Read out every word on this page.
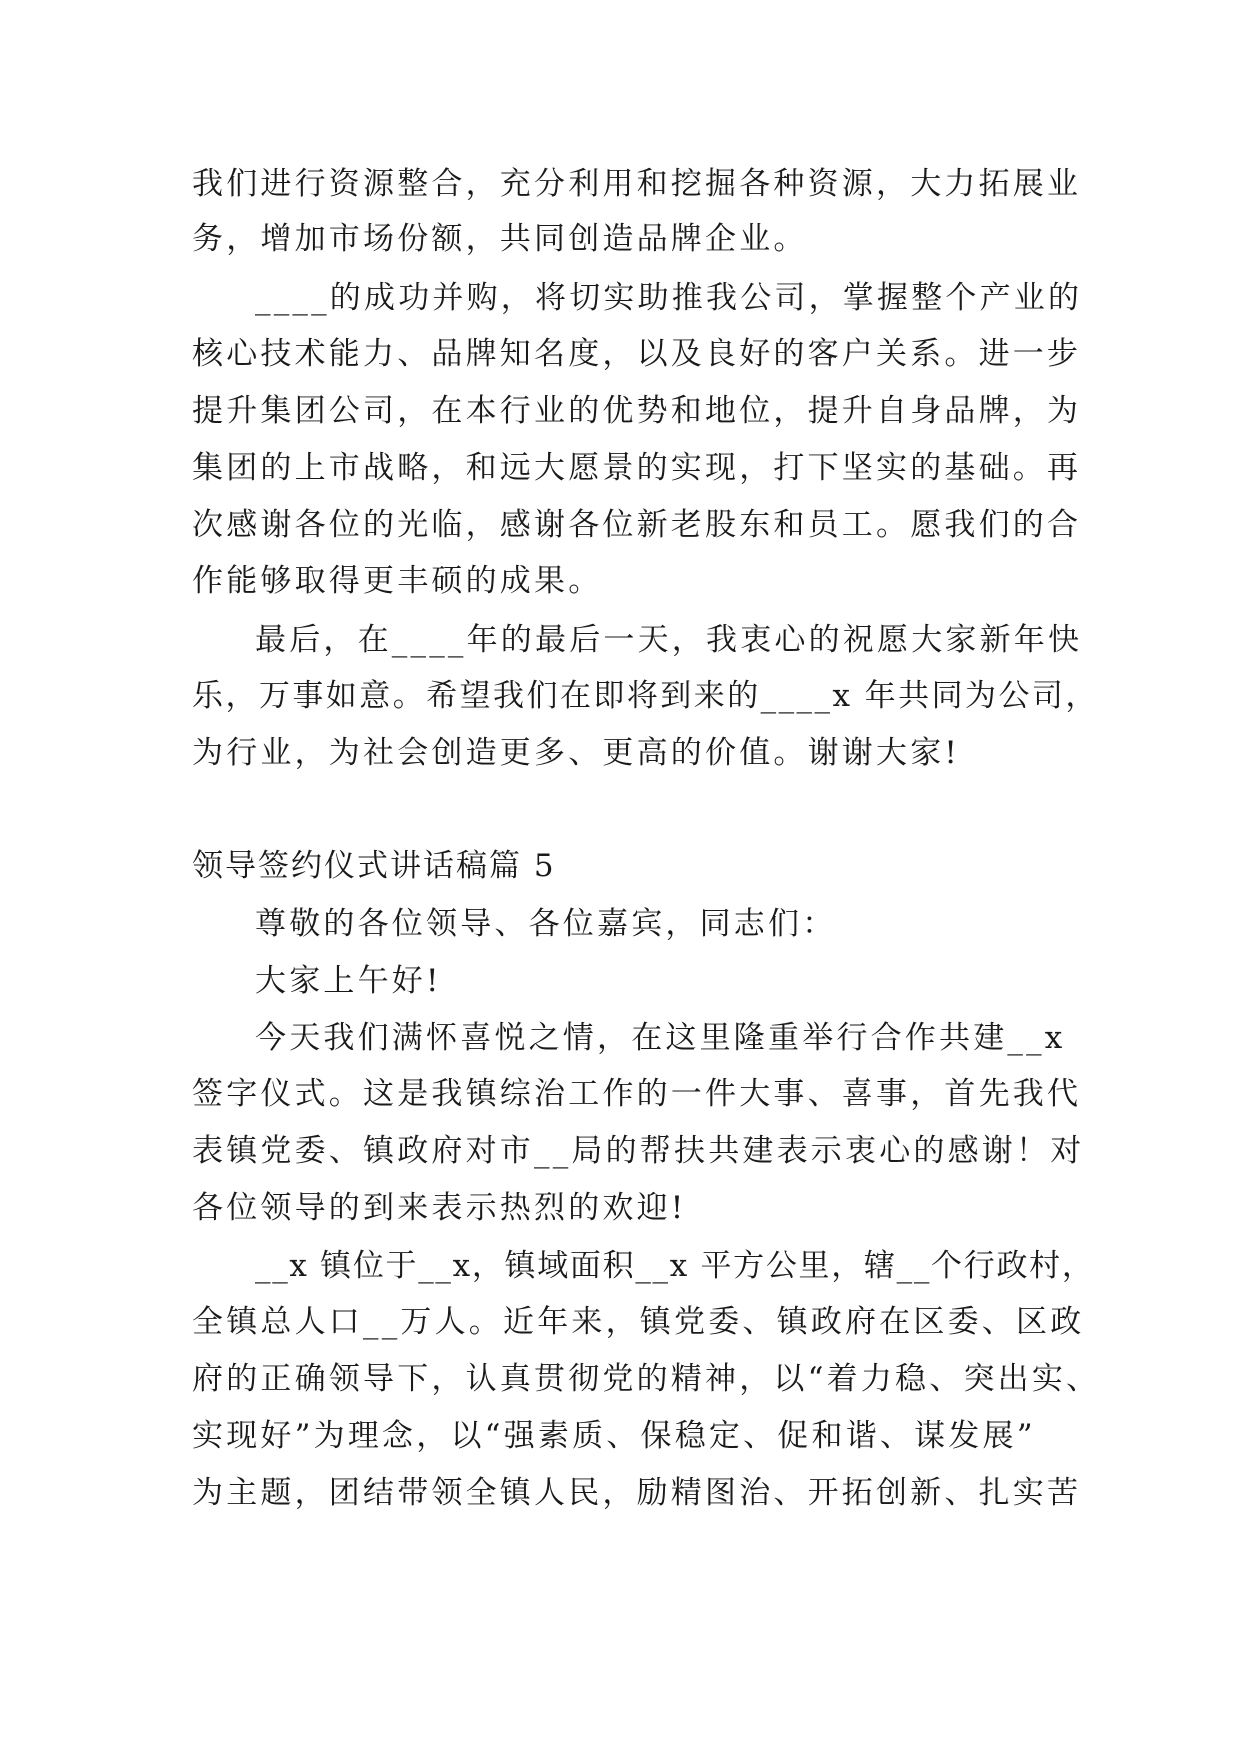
我们进行资源整合，充分利用和挖掘各种资源，大力拓展业
务，增加市场份额，共同创造品牌企业。
____的成功并购，将切实助推我公司，掌握整个产业的
核心技术能力、品牌知名度，以及良好的客户关系。进一步
提升集团公司，在本行业的优势和地位，提升自身品牌，为
集团的上市战略，和远大愿景的实现，打下坚实的基础。再
次感谢各位的光临，感谢各位新老股东和员工。愿我们的合
作能够取得更丰硕的成果。
最后，在____年的最后一天，我衷心的祝愿大家新年快
乐，万事如意。希望我们在即将到来的____x 年共同为公司，
为行业，为社会创造更多、更高的价值。谢谢大家!
领导签约仪式讲话稿篇 5
尊敬的各位领导、各位嘉宾，同志们：
大家上午好!
今天我们满怀喜悦之情，在这里隆重举行合作共建__x
签字仪式。这是我镇综治工作的一件大事、喜事，首先我代
表镇党委、镇政府对市__局的帮扶共建表示衷心的感谢！对
各位领导的到来表示热烈的欢迎!
__x 镇位于__x，镇域面积__x 平方公里，辖__个行政村，
全镇总人口__万人。近年来，镇党委、镇政府在区委、区政
府的正确领导下，认真贯彻党的精神，以“着力稳、突出实、
实现好”为理念，以“强素质、保稳定、促和谐、谋发展”
为主题，团结带领全镇人民，励精图治、开拓创新、扎实苦
